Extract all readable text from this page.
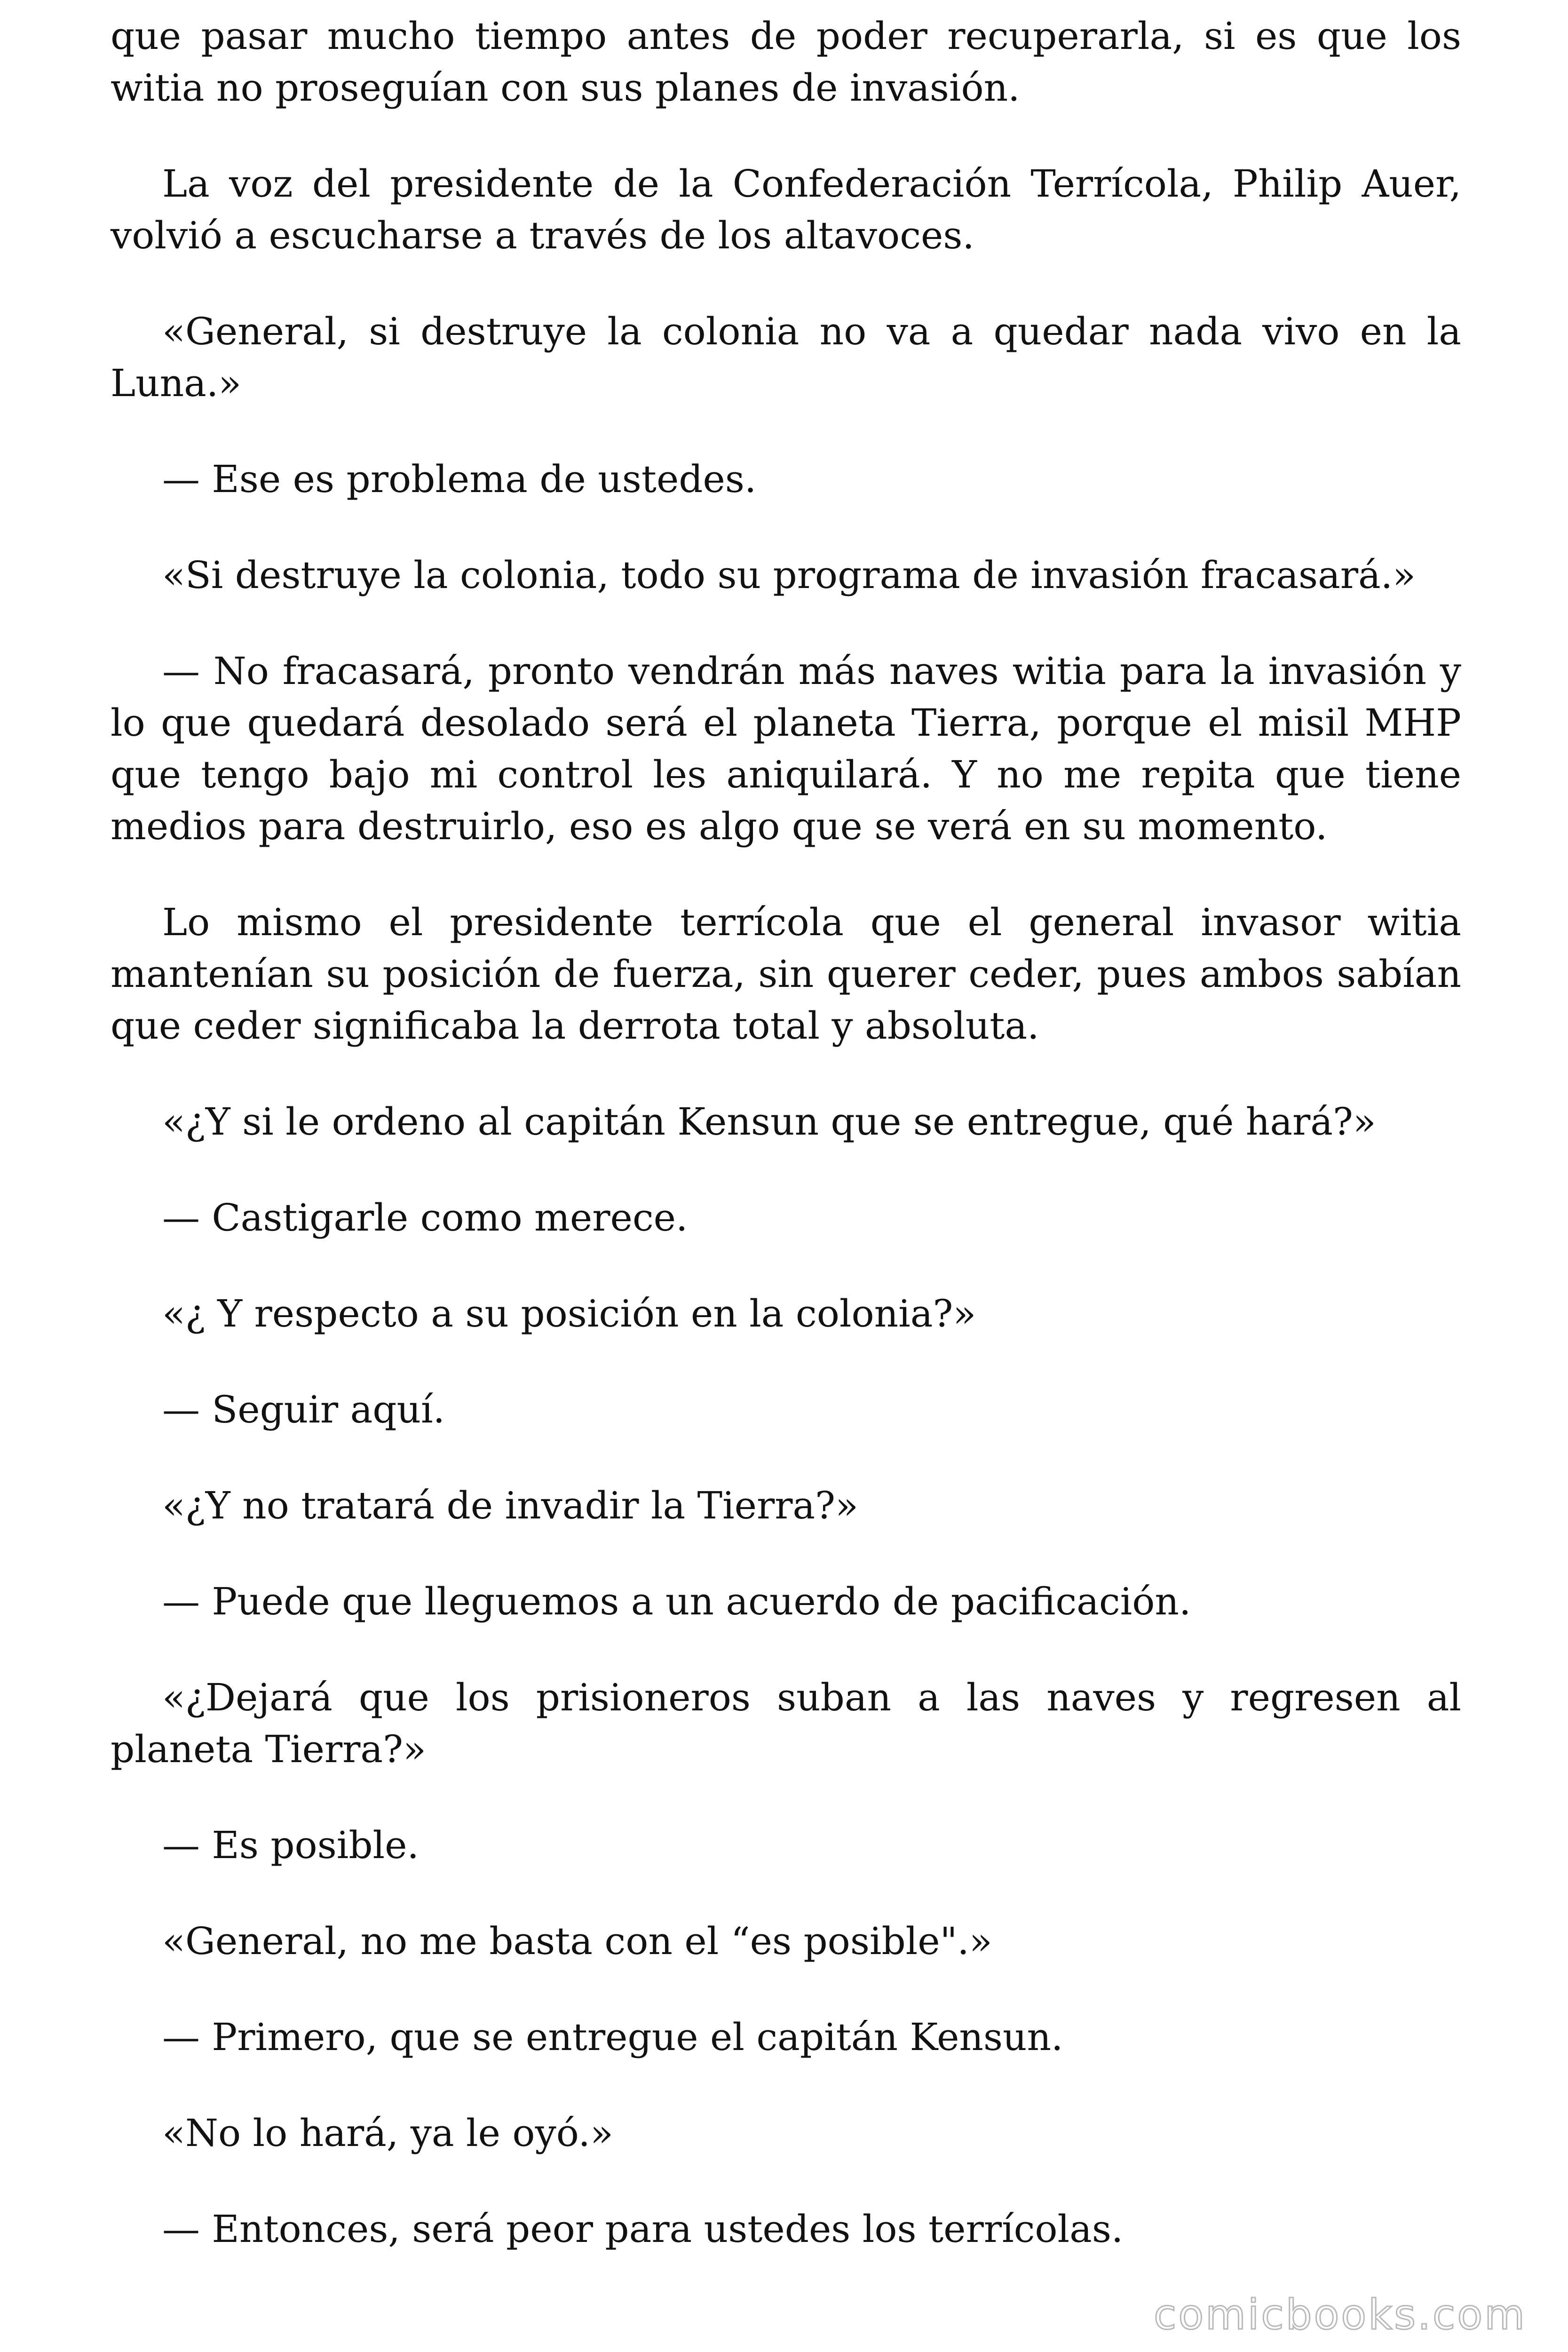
que pasar mucho tiempo antes de poder recuperarla, si es que los witia no proseguían con sus planes de invasión.

La voz del presidente de la Confederación Terrícola, Philip Auer, volvió a escucharse a través de los altavoces.

«General, si destruye la colonia no va a quedar nada vivo en la Luna.»

— Ese es problema de ustedes.

«Si destruye la colonia, todo su programa de invasión fracasará.»

— No fracasará, pronto vendrán más naves witia para la invasión y lo que quedará desolado será el planeta Tierra, porque el misil MHP que tengo bajo mi control les aniquilará. Y no me repita que tiene medios para destruirlo, eso es algo que se verá en su momento.

Lo mismo el presidente terrícola que el general invasor witia mantenían su posición de fuerza, sin querer ceder, pues ambos sabían que ceder significaba la derrota total y absoluta.

«¿Y si le ordeno al capitán Kensun que se entregue, qué hará?»

— Castigarle como merece.

«¿ Y respecto a su posición en la colonia?»

— Seguir aquí.

«¿Y no tratará de invadir la Tierra?»

— Puede que lleguemos a un acuerdo de pacificación.

«¿Dejará que los prisioneros suban a las naves y regresen al planeta Tierra?»

— Es posible.

«General, no me basta con el “es posible".»

— Primero, que se entregue el capitán Kensun.

«No lo hará, ya le oyó.»

— Entonces, será peor para ustedes los terrícolas.

comicbooks.com
